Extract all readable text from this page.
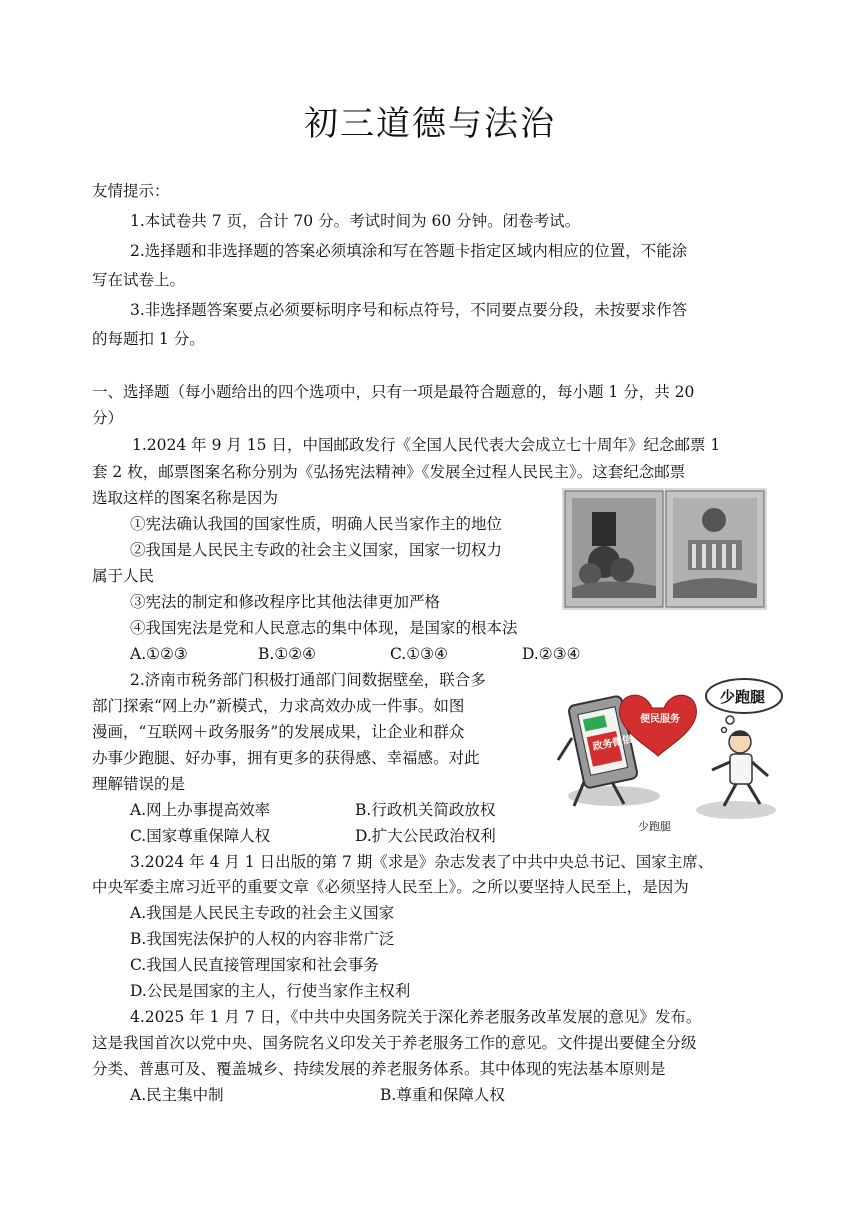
初三道德与法治
友情提示：
1.本试卷共 7 页，合计 70 分。考试时间为 60 分钟。闭卷考试。
2.选择题和非选择题的答案必须填涂和写在答题卡指定区域内相应的位置，不能涂
写在试卷上。
3.非选择题答案要点必须要标明序号和标点符号，不同要点要分段，未按要求作答
的每题扣 1 分。
一、选择题（每小题给出的四个选项中，只有一项是最符合题意的，每小题 1 分，共 20
分）
1.2024 年 9 月 15 日，中国邮政发行《全国人民代表大会成立七十周年》纪念邮票 1
套 2 枚，邮票图案名称分别为《弘扬宪法精神》《发展全过程人民民主》。这套纪念邮票
选取这样的图案名称是因为
①宪法确认我国的国家性质，明确人民当家作主的地位
②我国是人民民主专政的社会主义国家，国家一切权力
属于人民
③宪法的制定和修改程序比其他法律更加严格
④我国宪法是党和人民意志的集中体现，是国家的根本法
A.①②③	B.①②④	C.①③④	D.②③④
2.济南市税务部门积极打通部门间数据壁垒，联合多
部门探索“网上办”新模式，力求高效办成一件事。如图
漫画，“互联网＋政务服务”的发展成果，让企业和群众
办事少跑腿、好办事，拥有更多的获得感、幸福感。对此
理解错误的是
A.网上办事提高效率	B.行政机关简政放权
C.国家尊重保障人权	D.扩大公民政治权利
政务微信
便民服务
少跑腿
少跑腿
3.2024 年 4 月 1 日出版的第 7 期《求是》杂志发表了中共中央总书记、国家主席、
中央军委主席习近平的重要文章《必须坚持人民至上》。之所以要坚持人民至上，是因为
A.我国是人民民主专政的社会主义国家
B.我国宪法保护的人权的内容非常广泛
C.我国人民直接管理国家和社会事务
D.公民是国家的主人，行使当家作主权利
4.2025 年 1 月 7 日，《中共中央国务院关于深化养老服务改革发展的意见》发布。
这是我国首次以党中央、国务院名义印发关于养老服务工作的意见。文件提出要健全分级
分类、普惠可及、覆盖城乡、持续发展的养老服务体系。其中体现的宪法基本原则是
A.民主集中制	B.尊重和保障人权
